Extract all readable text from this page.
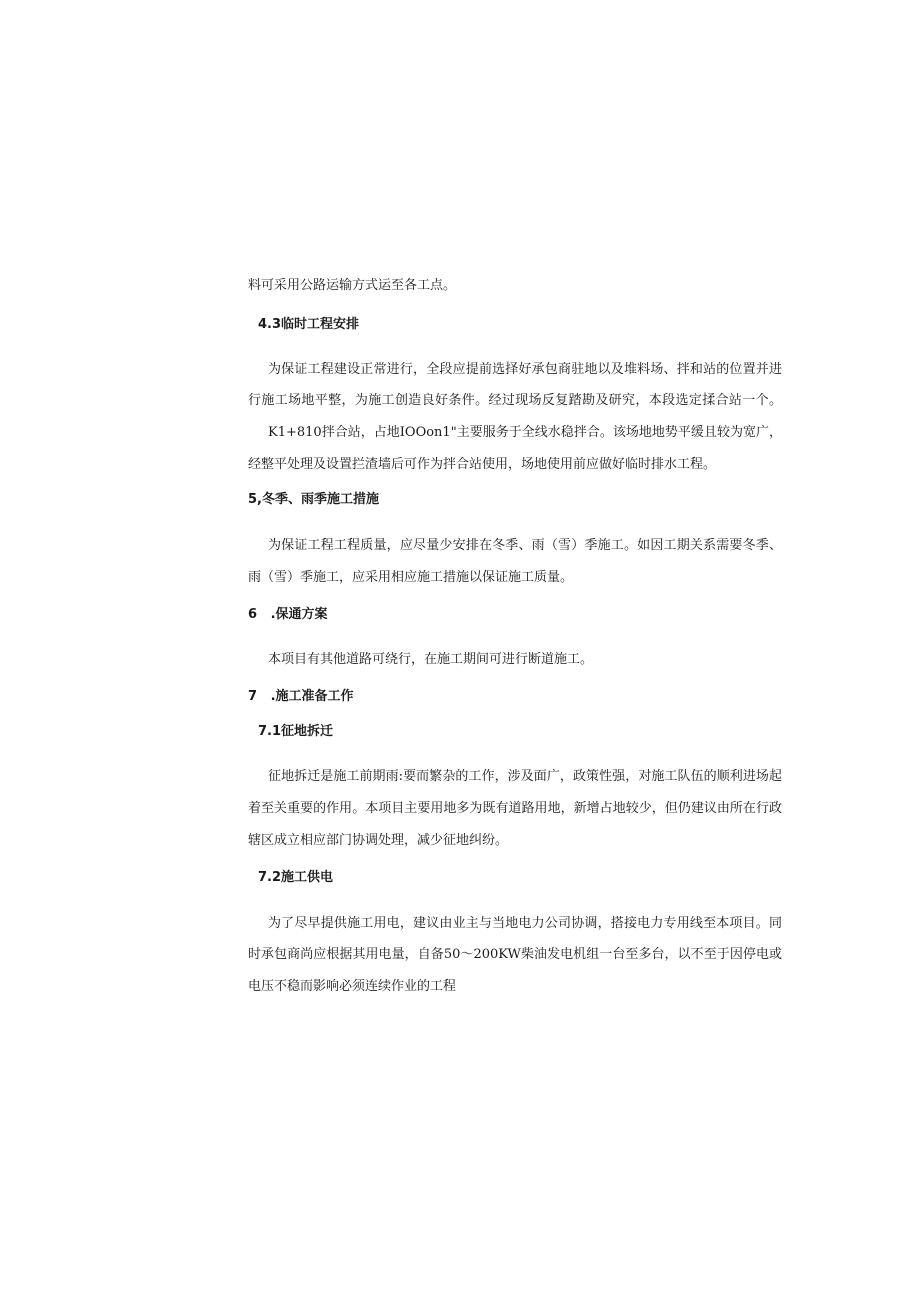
料可采用公路运输方式运至各工点。
4.3临时工程安排
为保证工程建设正常进行，全段应提前选择好承包商驻地以及堆料场、拌和站的位置并进
行施工场地平整，为施工创造良好条件。经过现场反复踏勘及研究，本段选定揉合站一个。
K1+810拌合站，占地IOOon1"主要服务于全线水稳拌合。该场地地势平缓且较为宽广，
经整平处理及设置拦渣墙后可作为拌合站使用，场地使用前应做好临时排水工程。
5,冬季、雨季施工措施
为保证工程工程质量，应尽量少安排在冬季、雨（雪）季施工。如因工期关系需要冬季、
雨（雪）季施工，应采用相应施工措施以保证施工质量。
6   .保通方案
本项目有其他道路可绕行，在施工期间可进行断道施工。
7   .施工准备工作
7.1征地拆迁
征地拆迁是施工前期雨:要而繁杂的工作，涉及面广，政策性强，对施工队伍的顺利进场起
着至关重要的作用。本项目主要用地多为既有道路用地，新增占地较少，但仍建议由所在行政
辖区成立相应部门协调处理，减少征地纠纷。
7.2施工供电
为了尽早提供施工用电，建议由业主与当地电力公司协调，搭接电力专用线至本项目。同
时承包商尚应根据其用电量，自备50～200KW柴油发电机组一台至多台，以不至于因停电或
电压不稳而影响必须连续作业的工程
